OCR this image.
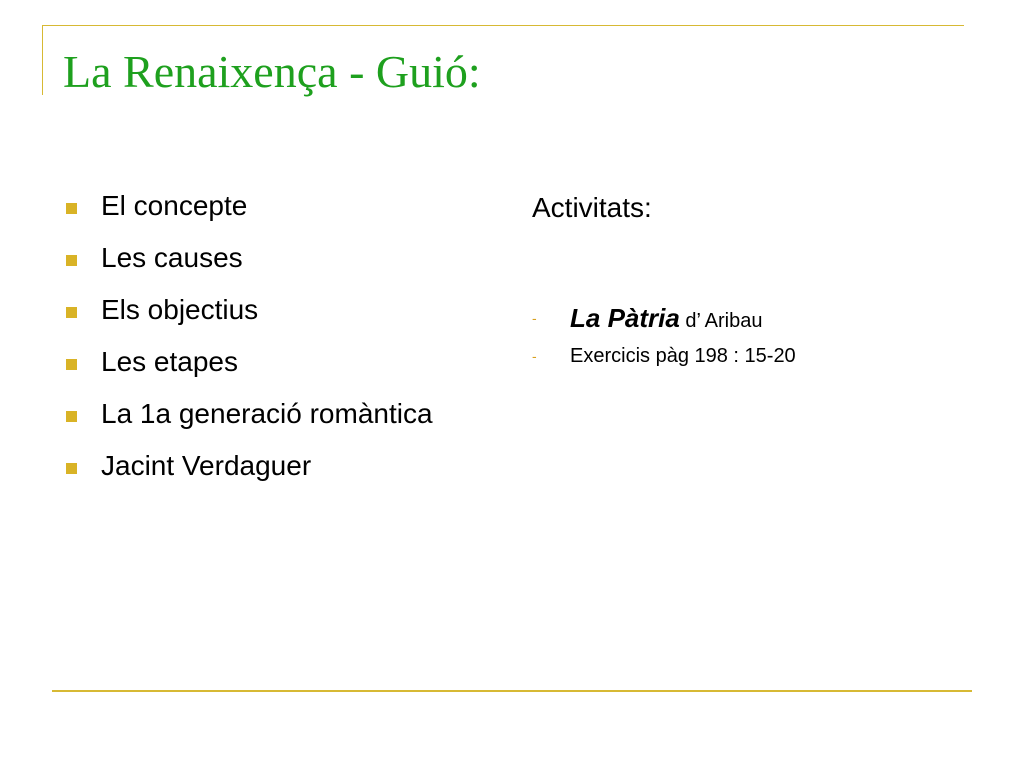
La Renaixença - Guió:
El concepte
Les causes
Els objectius
Les etapes
La 1a generació romàntica
Jacint Verdaguer
Activitats:
- La Pàtria d’ Aribau
- Exercicis pàg 198 : 15-20
